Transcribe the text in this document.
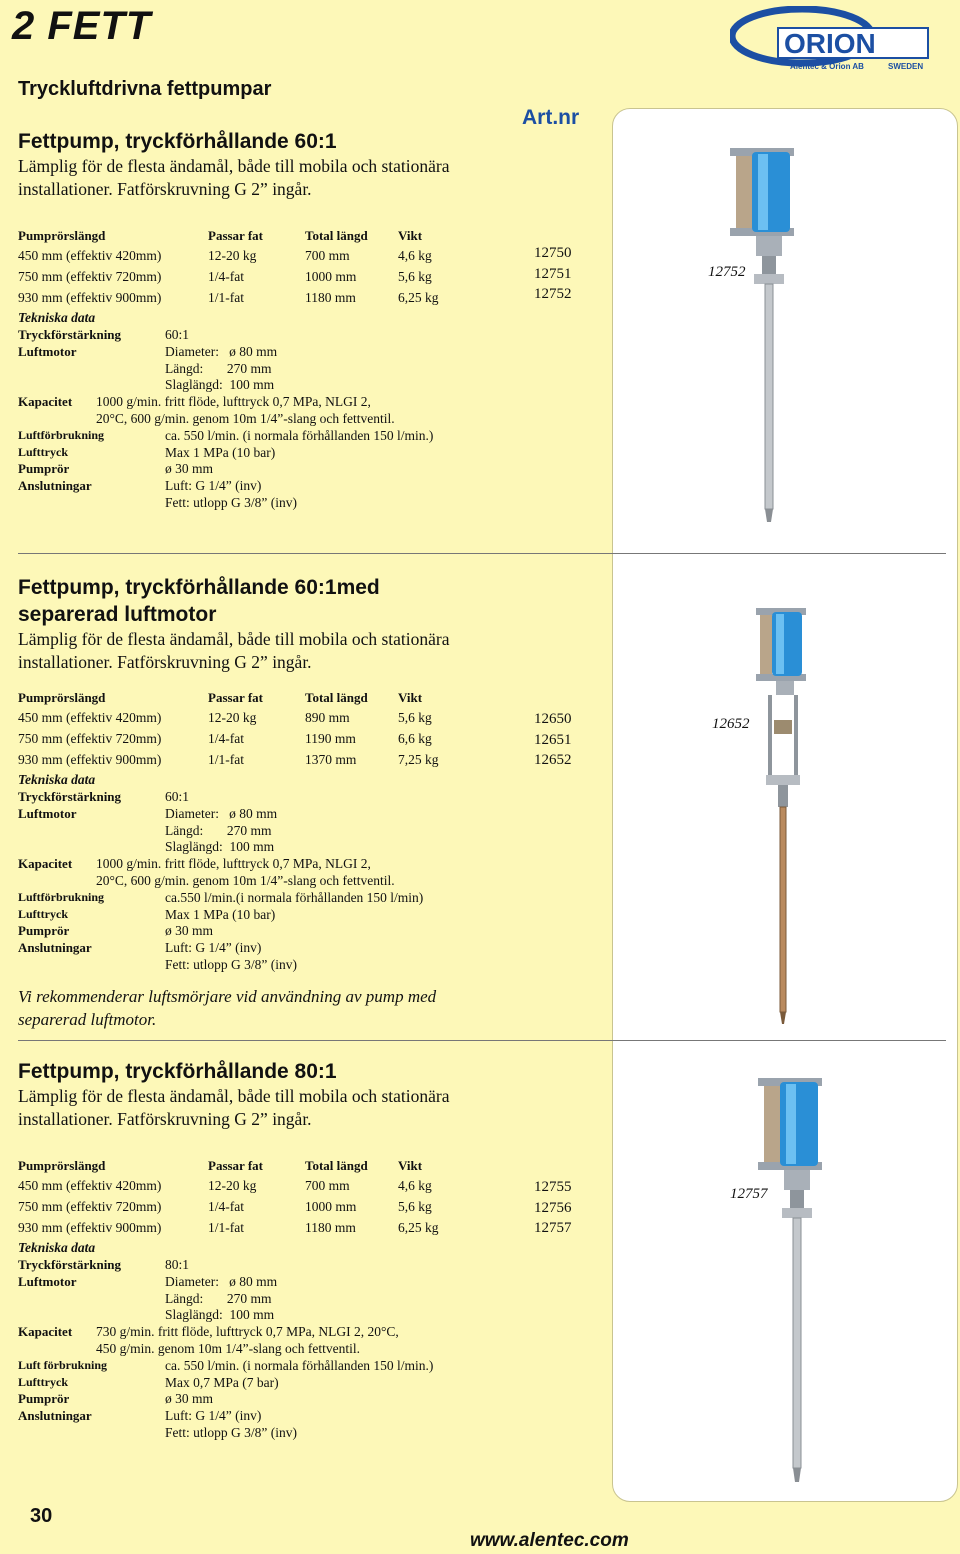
2 FETT
Tryckluftdrivna fettpumpar
ORION
Alentec & Orion AB	SWEDEN
Art.nr
Fettpump, tryckförhållande 60:1
Lämplig för de flesta ändamål, både till mobila och stationära
installationer. Fatförskruvning G 2” ingår.
Pumprörslängd	Passar fat	Total längd Vikt
450 mm (effektiv 420mm)	12-20 kg	700 mm	4,6 kg
750 mm (effektiv 720mm)	1/4-fat	1000 mm	5,6 kg
930 mm (effektiv 900mm)	1/1-fat	1180 mm	6,25 kg
Tekniska data
Tryckförstärkning	60:1
Luftmotor	Diameter:   ø 80 mm
Längd:       270 mm
Slaglängd:  100 mm
Kapacitet 1000 g/min. fritt flöde, lufttryck 0,7 MPa, NLGI 2,
20°C, 600 g/min. genom 10m 1/4”-slang och fettventil.
Luftförbrukning	ca. 550 l/min. (i normala förhållanden 150 l/min.)
Lufttryck	Max 1 MPa (10 bar)
Pumprör	ø 30 mm
Anslutningar	Luft: G 1/4” (inv)
Fett: utlopp G 3/8” (inv)
12750
12751
12752
12752
Fettpump, tryckförhållande 60:1med
separerad luftmotor
Lämplig för de flesta ändamål, både till mobila och stationära
installationer. Fatförskruvning G 2” ingår.
Pumprörslängd	Passar fat	Total längd Vikt
450 mm (effektiv 420mm)	12-20 kg	890 mm	5,6 kg
750 mm (effektiv 720mm)	1/4-fat	1190 mm	6,6 kg
930 mm (effektiv 900mm)	1/1-fat	1370 mm	7,25 kg
Tekniska data
Tryckförstärkning	60:1
Luftmotor	Diameter:   ø 80 mm
Längd:       270 mm
Slaglängd:  100 mm
Kapacitet 1000 g/min. fritt flöde, lufttryck 0,7 MPa, NLGI 2,
20°C, 600 g/min. genom 10m 1/4”-slang och fettventil.
Luftförbrukning	ca.550 l/min.(i normala förhållanden 150 l/min)
Lufttryck	Max 1 MPa (10 bar)
Pumprör	ø 30 mm
Anslutningar	Luft: G 1/4” (inv)
Fett: utlopp G 3/8” (inv)
Vi rekommenderar luftsmörjare vid användning av pump med
separerad luftmotor.
12650
12651
12652
12652
Fettpump, tryckförhållande 80:1
Lämplig för de flesta ändamål, både till mobila och stationära
installationer. Fatförskruvning G 2” ingår.
Pumprörslängd	Passar fat	Total längd Vikt
450 mm (effektiv 420mm)	12-20 kg	700 mm	4,6 kg
750 mm (effektiv 720mm)	1/4-fat	1000 mm	5,6 kg
930 mm (effektiv 900mm)	1/1-fat	1180 mm	6,25 kg
Tekniska data
Tryckförstärkning	80:1
Luftmotor	Diameter:   ø 80 mm
Längd:       270 mm
Slaglängd:  100 mm
Kapacitet 730 g/min. fritt flöde, lufttryck 0,7 MPa, NLGI 2, 20°C,
450 g/min. genom 10m 1/4”-slang och fettventil.
Luft förbrukning	ca. 550 l/min. (i normala förhållanden 150 l/min.)
Lufttryck	Max 0,7 MPa (7 bar)
Pumprör	ø 30 mm
Anslutningar	Luft: G 1/4” (inv)
Fett: utlopp G 3/8” (inv)
12755
12756
12757
12757
30
www.alentec.com
